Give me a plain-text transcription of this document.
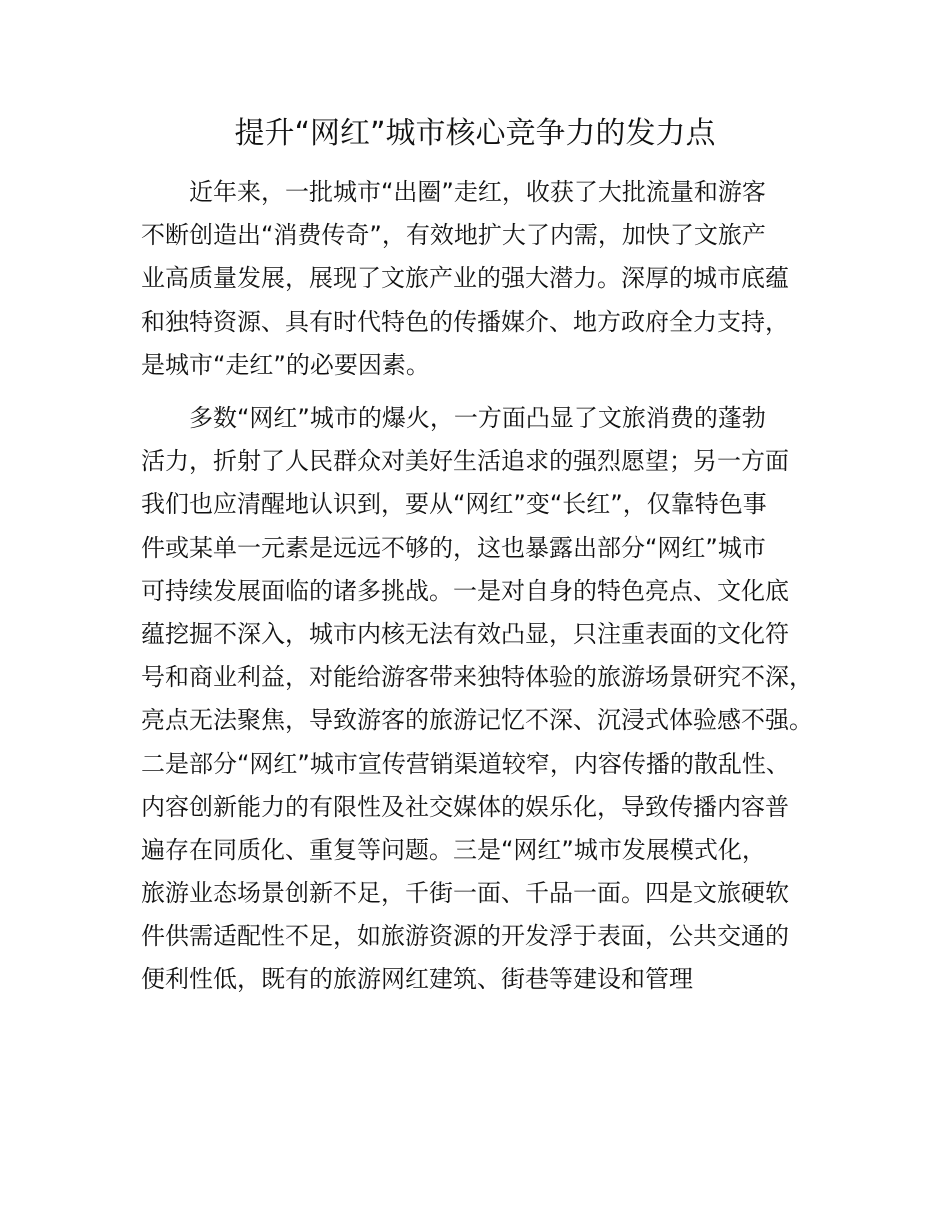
提升“网红”城市核心竞争力的发力点
近年来，一批城市“出圈”走红，收获了大批流量和游客
不断创造出“消费传奇”，有效地扩大了内需，加快了文旅产
业高质量发展，展现了文旅产业的强大潜力。深厚的城市底蕴
和独特资源、具有时代特色的传播媒介、地方政府全力支持，
是城市“走红”的必要因素。
多数“网红”城市的爆火，一方面凸显了文旅消费的蓬勃
活力，折射了人民群众对美好生活追求的强烈愿望；另一方面
我们也应清醒地认识到，要从“网红”变“长红”，仅靠特色事
件或某单一元素是远远不够的，这也暴露出部分“网红”城市
可持续发展面临的诸多挑战。一是对自身的特色亮点、文化底
蕴挖掘不深入，城市内核无法有效凸显，只注重表面的文化符
号和商业利益，对能给游客带来独特体验的旅游场景研究不深，
亮点无法聚焦，导致游客的旅游记忆不深、沉浸式体验感不强。
二是部分“网红”城市宣传营销渠道较窄，内容传播的散乱性、
内容创新能力的有限性及社交媒体的娱乐化，导致传播内容普
遍存在同质化、重复等问题。三是“网红”城市发展模式化，
旅游业态场景创新不足，千街一面、千品一面。四是文旅硬软
件供需适配性不足，如旅游资源的开发浮于表面，公共交通的
便利性低，既有的旅游网红建筑、街巷等建设和管理
